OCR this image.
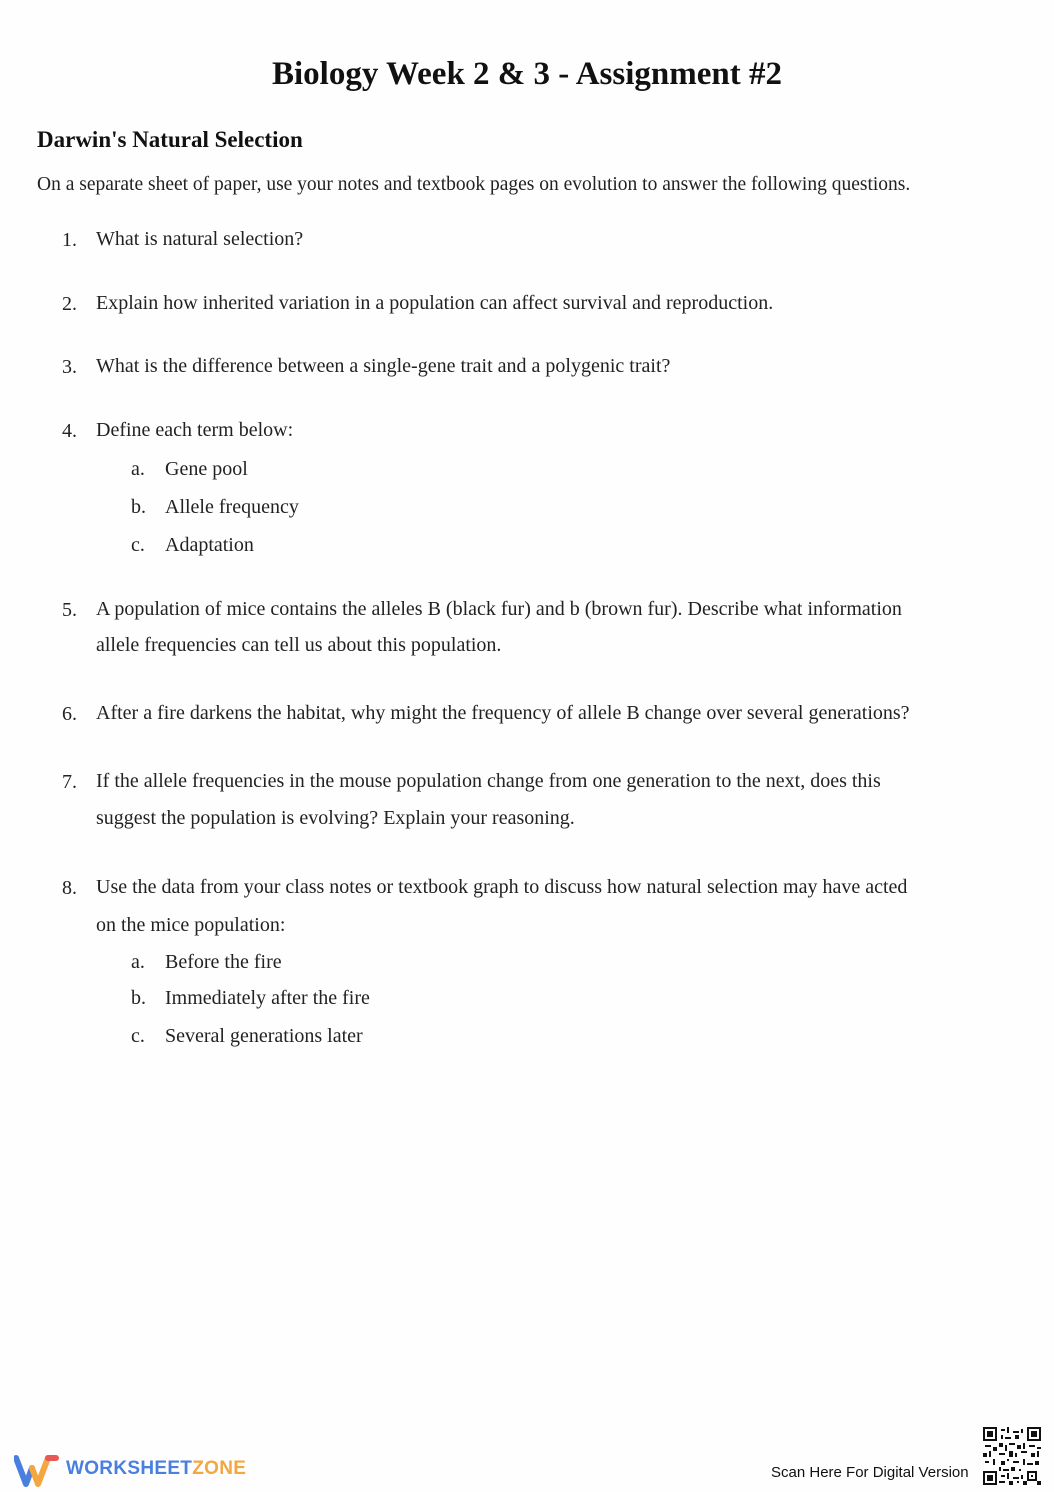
Biology Week 2 & 3 - Assignment #2
Darwin's Natural Selection
On a separate sheet of paper, use your notes and textbook pages on evolution to answer the following questions.
1. What is natural selection?
2. Explain how inherited variation in a population can affect survival and reproduction.
3. What is the difference between a single-gene trait and a polygenic trait?
4. Define each term below:
a. Gene pool
b. Allele frequency
c. Adaptation
5. A population of mice contains the alleles B (black fur) and b (brown fur). Describe what information
allele frequencies can tell us about this population.
6. After a fire darkens the habitat, why might the frequency of allele B change over several generations?
7. If the allele frequencies in the mouse population change from one generation to the next, does this
suggest the population is evolving? Explain your reasoning.
8. Use the data from your class notes or textbook graph to discuss how natural selection may have acted
on the mice population:
a. Before the fire
b. Immediately after the fire
c. Several generations later
WORKSHEETZONE	Scan Here For Digital Version
